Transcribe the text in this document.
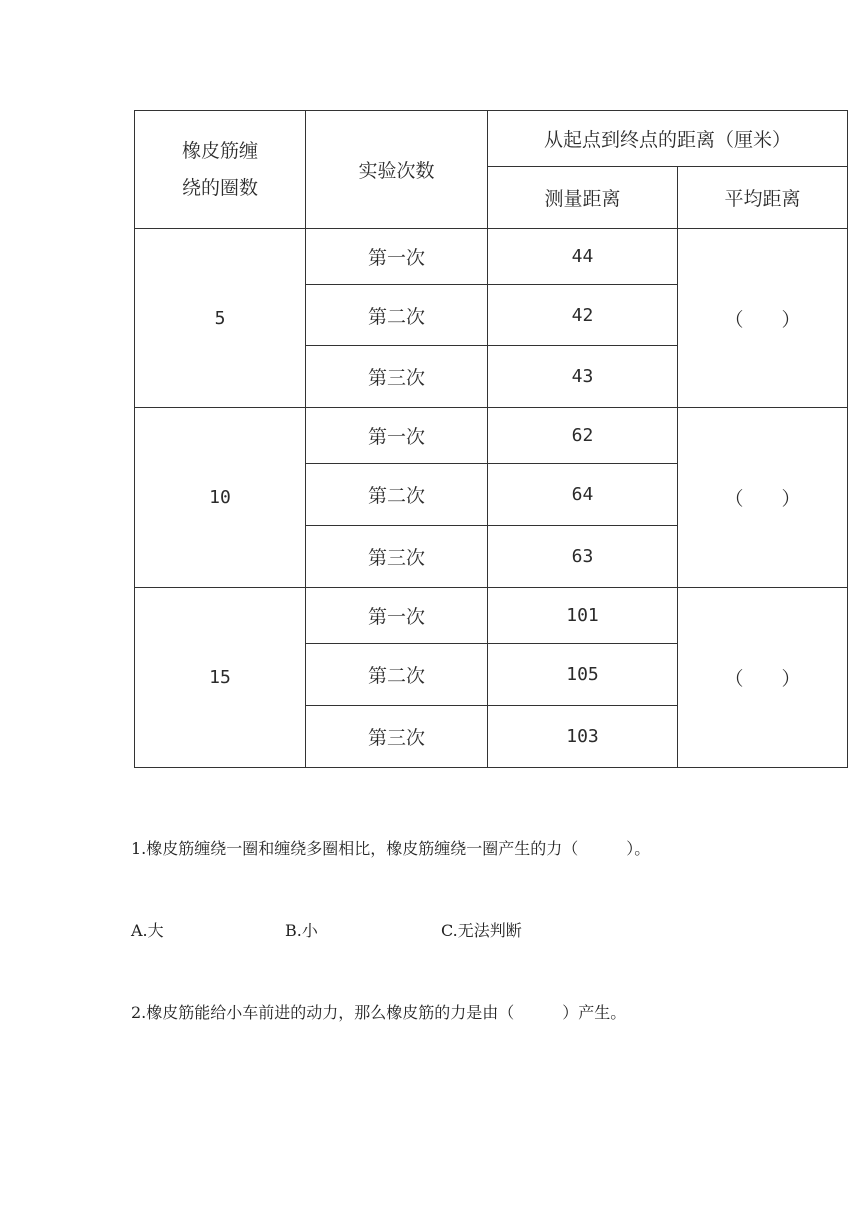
橡皮筋缠
绕的圈数	实验次数	从起点到终点的距离（厘米）	
		测量距离	平均距离
5	第一次	44	（ ）

	第二次	42	
	第三次	43	
10	第一次	62	（ ）

	第二次	64	
	第三次	63	
15	第一次	101	（ ）

	第二次	105	
	第三次	103	
1.橡皮筋缠绕一圈和缠绕多圈相比，橡皮筋缠绕一圈产生的力（　　　）。
A.大	B.小	C.无法判断
2.橡皮筋能给小车前进的动力，那么橡皮筋的力是由（　　　）产生。
